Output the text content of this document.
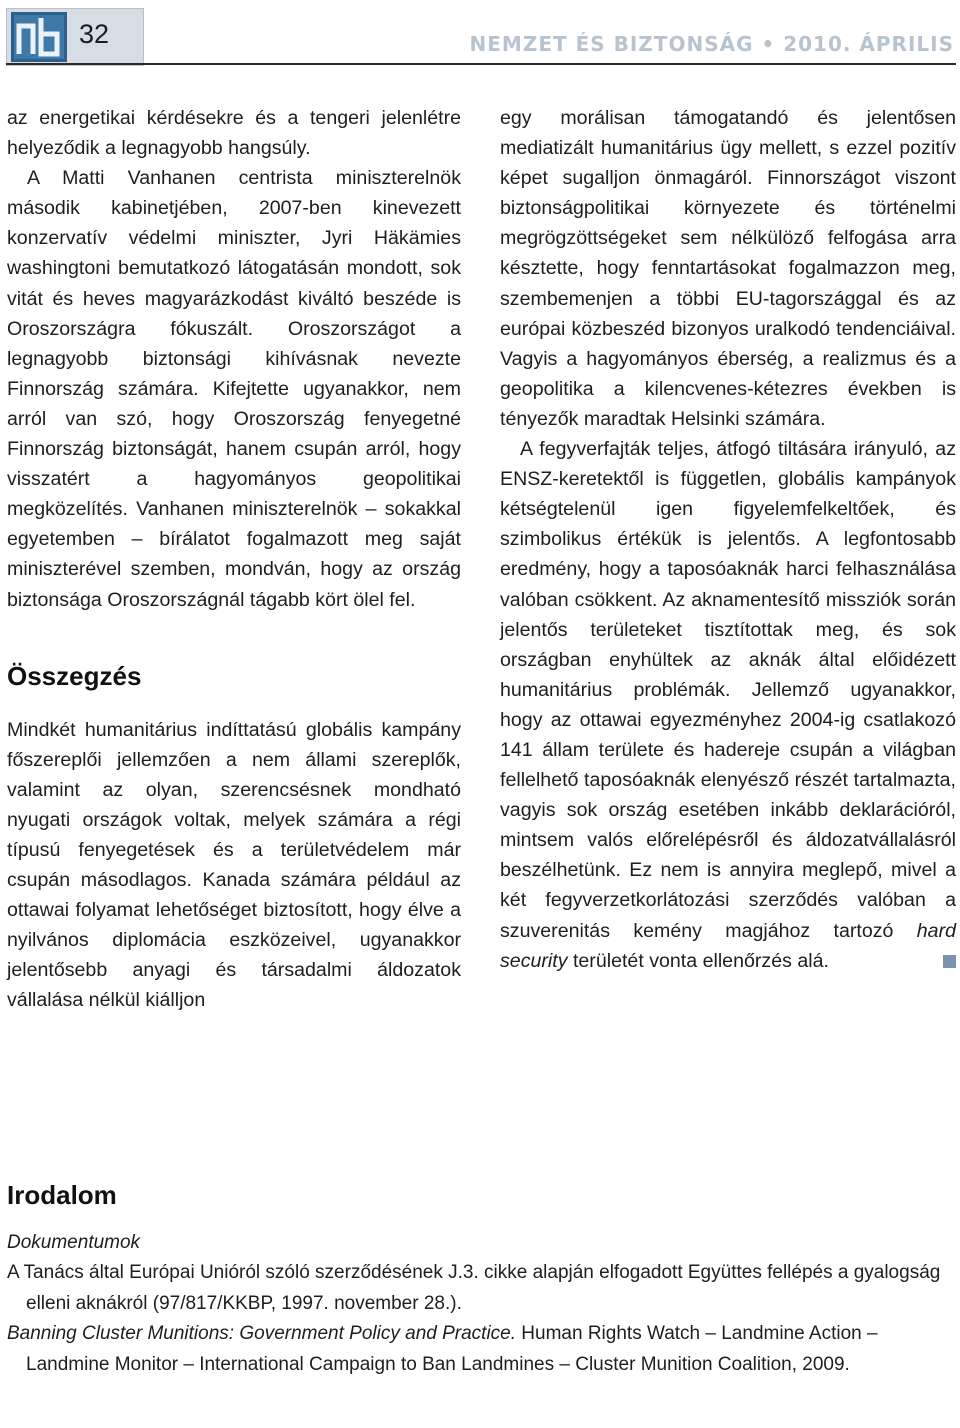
32	NEMZET ÉS BIZTONSÁG • 2010. ÁPRILIS

az energetikai kérdésekre és a tengeri jelenlétre helyeződik a legnagyobb hangsúly.

A Matti Vanhanen centrista miniszterelnök második kabinetjében, 2007-ben kinevezett konzervatív védelmi miniszter, Jyri Häkämies washingtoni bemutatkozó látogatásán mondott, sok vitát és heves magyarázkodást kiváltó beszéde is Oroszországra fókuszált. Oroszországot a legnagyobb biztonsági kihívásnak nevezte Finnország számára. Kifejtette ugyanakkor, nem arról van szó, hogy Oroszország fenyegetné Finnország biztonságát, hanem csupán arról, hogy visszatért a hagyományos geopolitikai megközelítés. Vanhanen miniszterelnök – sokakkal egyetemben – bírálatot fogalmazott meg saját miniszterével szemben, mondván, hogy az ország biztonsága Oroszországnál tágabb kört ölel fel.

Összegzés

Mindkét humanitárius indíttatású globális kampány főszereplői jellemzően a nem állami szereplők, valamint az olyan, szerencsésnek mondható nyugati országok voltak, melyek számára a régi típusú fenyegetések és a területvédelem már csupán másodlagos. Kanada számára például az ottawai folyamat lehetőséget biztosított, hogy élve a nyilvános diplomácia eszközeivel, ugyanakkor jelentősebb anyagi és társadalmi áldozatok vállalása nélkül kiálljon

egy morálisan támogatandó és jelentősen mediatizált humanitárius ügy mellett, s ezzel pozitív képet sugalljon önmagáról. Finnországot viszont biztonságpolitikai környezete és történelmi megrögzöttségeket sem nélkülöző felfogása arra késztette, hogy fenntartásokat fogalmazzon meg, szembemenjen a többi EU-tagországgal és az európai közbeszéd bizonyos uralkodó tendenciáival. Vagyis a hagyományos éberség, a realizmus és a geopolitika a kilencvenes-kétezres években is tényezők maradtak Helsinki számára.

A fegyverfajták teljes, átfogó tiltására irányuló, az ENSZ-keretektől is független, globális kampányok kétségtelenül igen figyelemfelkeltőek, és szimbolikus értékük is jelentős. A legfontosabb eredmény, hogy a taposóaknák harci felhasználása valóban csökkent. Az aknamentesítő missziók során jelentős területeket tisztítottak meg, és sok országban enyhültek az aknák által előidézett humanitárius problémák. Jellemző ugyanakkor, hogy az ottawai egyezményhez 2004-ig csatlakozó 141 állam területe és hadereje csupán a világban fellelhető taposóaknák elenyésző részét tartalmazta, vagyis sok ország esetében inkább deklarációról, mintsem valós előrelépésről és áldozatvállalásról beszélhetünk. Ez nem is annyira meglepő, mivel a két fegyverzetkorlátozási szerződés valóban a szuverenitás kemény magjához tartozó hard security területét vonta ellenőrzés alá.

Irodalom

Dokumentumok

A Tanács által Európai Unióról szóló szerződésének J.3. cikke alapján elfogadott Együttes fellépés a gyalogság elleni aknákról (97/817/KKBP, 1997. november 28.).

Banning Cluster Munitions: Government Policy and Practice. Human Rights Watch – Landmine Action – Landmine Monitor – International Campaign to Ban Landmines – Cluster Munition Coalition, 2009.
